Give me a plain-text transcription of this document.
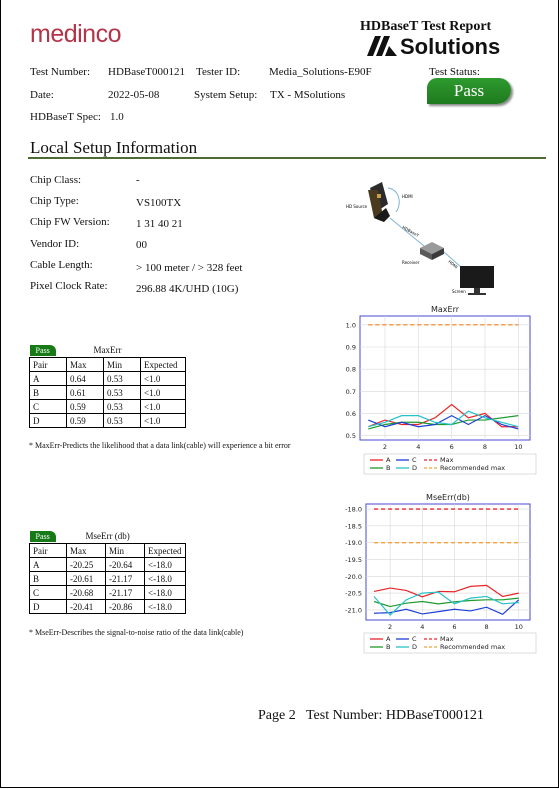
medinco	HDBaseT Test Report
Solutions
Test Number: HDBaseT000121 Tester ID:	Media_Solutions-E90F	Test Status:
Pass
Date:	2022-05-08	System Setup: TX - MSolutions
HDBaseT Spec: 1.0
Local Setup Information
Chip Class:	-
Chip Type:	VS100TX
Chip FW Version: 1 31 40 21
Vendor ID:	00
Cable Length:	> 100 meter / > 328 feet
Pixel Clock Rate:	296.88 4K/UHD (10G)
HD Source
HDMI
HDBaseT
Receiver	HDMI
Screen
Pass MaxErr			

Pair	Max	Min	Expected
A	0.64	0.53	<1.0
B	0.61	0.53	<1.0
C	0.59	0.53	<1.0
D	0.59	0.53	<1.0
* MaxErr-Predicts the likelihood that a data link(cable) will experience a bit error
Pass MseErr (db)			

Pair	Max	Min	Expected
A	-20.25	-20.64	<-18.0
B	-20.61	-21.17	<-18.0
C	-20.68	-21.17	<-18.0
D	-20.41	-20.86	<-18.0
* MseErr-Describes the signal-to-noise ratio of the data link(cable)
MaxErr
0.5
0.6
0.7
0.8
0.9
1.0
2	4	6	8	10
A	C	Max
B	D	Recommended max
MseErr(db)
-18.0
-18.5
-19.0
-19.5
-20.0
-20.5
-21.0
2	4	6	8	10
A	C	Max
B	D	Recommended max
Page 2 Test Number: HDBaseT000121
